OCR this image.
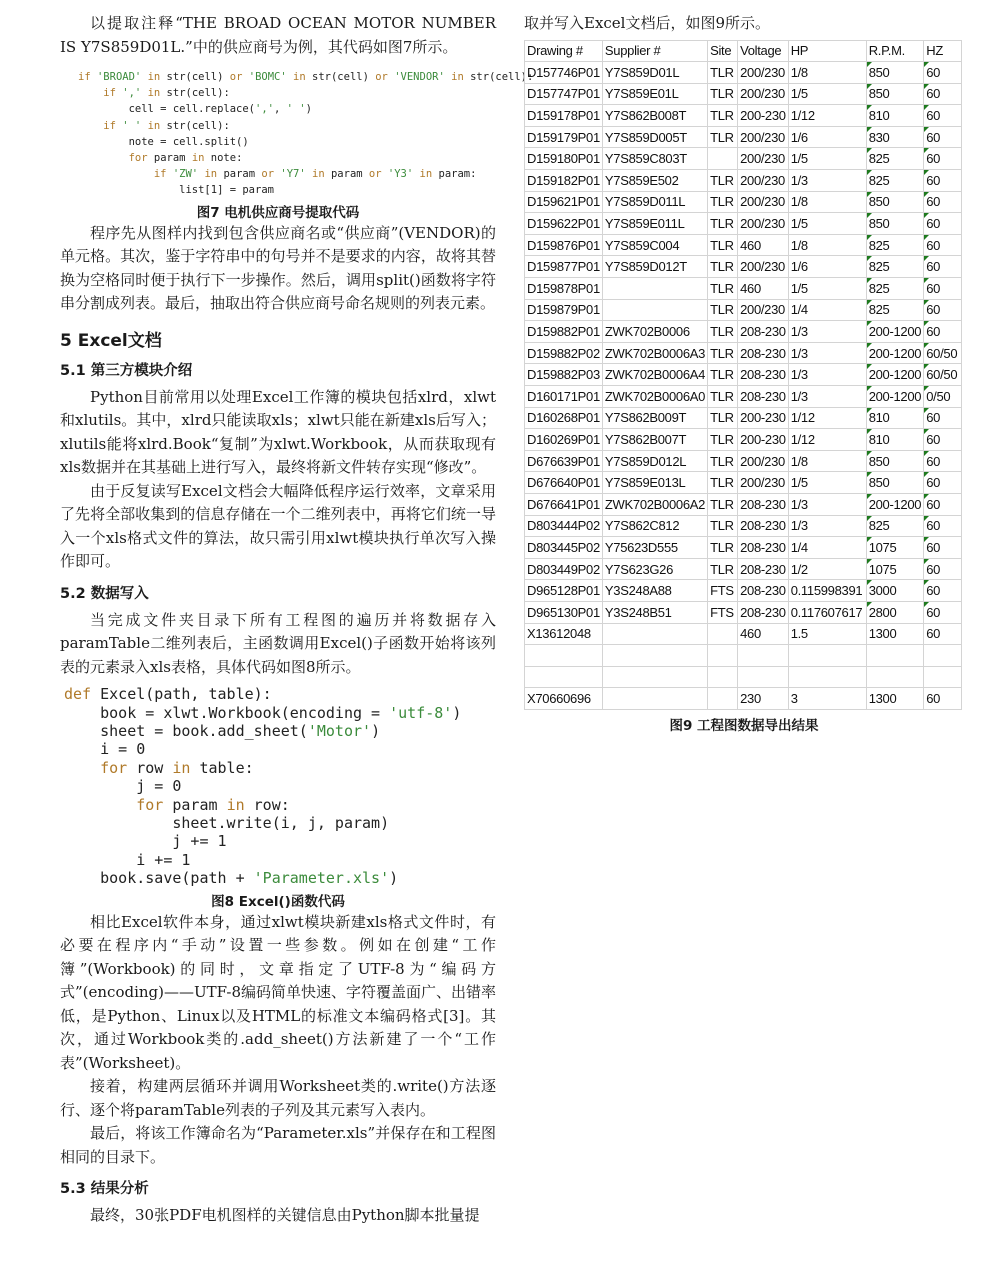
以提取注释“THE BROAD OCEAN MOTOR NUMBER IS Y7S859D01L.”中的供应商号为例，其代码如图7所示。

if 'BROAD' in str(cell) or 'BOMC' in str(cell) or 'VENDOR' in str(cell):
if ',' in str(cell):
cell = cell.replace(',', ' ')
if ' ' in str(cell):
note = cell.split()
for param in note:
if 'ZW' in param or 'Y7' in param or 'Y3' in param:
list[1] = param
图7 电机供应商号提取代码

程序先从图样内找到包含供应商名或“供应商”(VENDOR)的单元格。其次，鉴于字符串中的句号并不是要求的内容，故将其替换为空格同时便于执行下一步操作。然后，调用split()函数将字符串分割成列表。最后，抽取出符合供应商号命名规则的列表元素。

5 Excel文档
5.1 第三方模块介绍

Python目前常用以处理Excel工作簿的模块包括xlrd，xlwt和xlutils。其中，xlrd只能读取xls；xlwt只能在新建xls后写入；xlutils能将xlrd.Book“复制”为xlwt.Workbook，从而获取现有xls数据并在其基础上进行写入，最终将新文件转存实现“修改”。

由于反复读写Excel文档会大幅降低程序运行效率，文章采用了先将全部收集到的信息存储在一个二维列表中，再将它们统一导入一个xls格式文件的算法，故只需引用xlwt模块执行单次写入操作即可。

5.2 数据写入

当完成文件夹目录下所有工程图的遍历并将数据存入paramTable二维列表后，主函数调用Excel()子函数开始将该列表的元素录入xls表格，具体代码如图8所示。

def Excel(path, table):
book = xlwt.Workbook(encoding = 'utf-8')
sheet = book.add_sheet('Motor')
i = 0
for row in table:
j = 0
for param in row:
sheet.write(i, j, param)
j += 1
i += 1
book.save(path + 'Parameter.xls')
图8 Excel()函数代码

相比Excel软件本身，通过xlwt模块新建xls格式文件时，有必要在程序内“手动”设置一些参数。例如在创建“工作簿”(Workbook)的同时，文章指定了UTF-8为“编码方式”(encoding)——UTF-8编码简单快速、字符覆盖面广、出错率低，是Python、Linux以及HTML的标准文本编码格式[3]。其次，通过Workbook类的.add_sheet()方法新建了一个“工作表”(Worksheet)。

接着，构建两层循环并调用Worksheet类的.write()方法逐行、逐个将paramTable列表的子列及其元素写入表内。

最后，将该工作簿命名为“Parameter.xls”并保存在和工程图相同的目录下。

5.3 结果分析

最终，30张PDF电机图样的关键信息由Python脚本批量提

取并写入Excel文档后，如图9所示。

Drawing #	Supplier #	Site	Voltage	HP	R.P.M.	HZ
D157746P01	Y7S859D01L	TLR	200/230	1/8	850	60
D157747P01	Y7S859E01L	TLR	200/230	1/5	850	60
D159178P01	Y7S862B008T	TLR	200-230	1/12	810	60
D159179P01	Y7S859D005T	TLR	200/230	1/6	830	60
D159180P01	Y7S859C803T		200/230	1/5	825	60
D159182P01	Y7S859E502	TLR	200/230	1/3	825	60
D159621P01	Y7S859D011L	TLR	200/230	1/8	850	60
D159622P01	Y7S859E011L	TLR	200/230	1/5	850	60
D159876P01	Y7S859C004	TLR	460	1/8	825	60
D159877P01	Y7S859D012T	TLR	200/230	1/6	825	60
D159878P01		TLR	460	1/5	825	60
D159879P01		TLR	200/230	1/4	825	60
D159882P01	ZWK702B0006	TLR	208-230	1/3	200-1200	60
D159882P02	ZWK702B0006A3	TLR	208-230	1/3	200-1200	60/50
D159882P03	ZWK702B0006A4	TLR	208-230	1/3	200-1200	60/50
D160171P01	ZWK702B0006A0	TLR	208-230	1/3	200-1200	0/50
D160268P01	Y7S862B009T	TLR	200-230	1/12	810	60
D160269P01	Y7S862B007T	TLR	200-230	1/12	810	60
D676639P01	Y7S859D012L	TLR	200/230	1/8	850	60
D676640P01	Y7S859E013L	TLR	200/230	1/5	850	60
D676641P01	ZWK702B0006A2	TLR	208-230	1/3	200-1200	60
D803444P02	Y7S862C812	TLR	208-230	1/3	825	60
D803445P02	Y75623D555	TLR	208-230	1/4	1075	60
D803449P02	Y7S623G26	TLR	208-230	1/2	1075	60
D965128P01	Y3S248A88	FTS	208-230	0.115998391	3000	60
D965130P01	Y3S248B51	FTS	208-230	0.117607617	2800	60
X13612048			460	1.5	1300	60

X70660696			230	3	1300	60
图9 工程图数据导出结果
